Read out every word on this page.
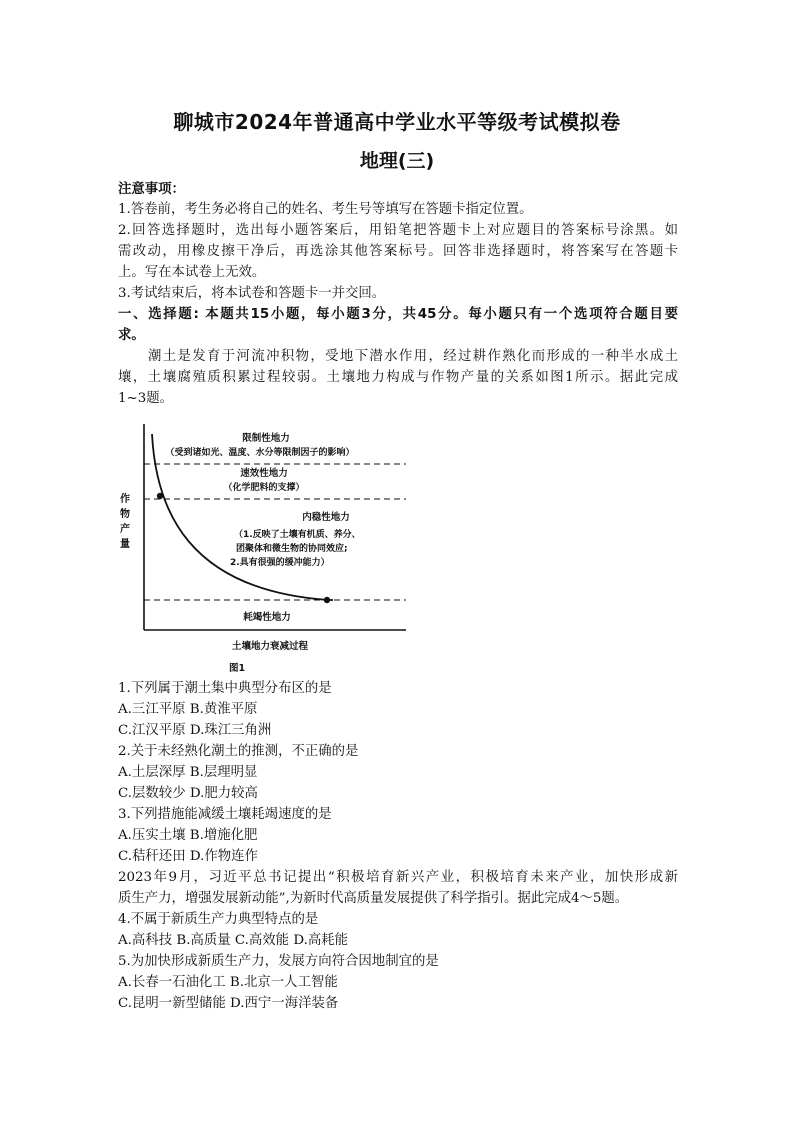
聊城市2024年普通高中学业水平等级考试模拟卷
地理(三)
注意事项：
1.答卷前，考生务必将自己的姓名、考生号等填写在答题卡指定位置。
2.回答选择题时，选出每小题答案后，用铅笔把答题卡上对应题目的答案标号涂黑。如
需改动，用橡皮擦干净后，再选涂其他答案标号。回答非选择题时，将答案写在答题卡
上。写在本试卷上无效。
3.考试结束后，将本试卷和答题卡一并交回。
一、选择题: 本题共15小题，每小题3分，共45分。每小题只有一个选项符合题目要
求。
潮土是发育于河流冲积物，受地下潜水作用，经过耕作熟化而形成的一种半水成土
壤，土壤腐殖质积累过程较弱。土壤地力构成与作物产量的关系如图1所示。据此完成
1~3题。
限制性地力
（受到诸如光、温度、水分等限制因子的影响）
速效性地力
（化学肥料的支撑）
内稳性地力
（1.反映了土壤有机质、养分、
团聚体和微生物的协同效应;
2.具有很强的缓冲能力）
耗竭性地力
土壤地力衰减过程
图1
作
物
产
量
1.下列属于潮土集中典型分布区的是
A.三江平原 B.黄淮平原
C.江汉平原 D.珠江三角洲
2.关于未经熟化潮土的推测，不正确的是
A.土层深厚 B.层理明显
C.层数较少 D.肥力较高
3.下列措施能减缓土壤耗竭速度的是
A.压实土壤 B.增施化肥
C.秸秆还田 D.作物连作
2023年9月，习近平总书记提出“积极培育新兴产业，积极培育未来产业，加快形成新
质生产力，增强发展新动能”,为新时代高质量发展提供了科学指引。据此完成4～5题。
4.不属于新质生产力典型特点的是
A.高科技 B.高质量 C.高效能 D.高耗能
5.为加快形成新质生产力，发展方向符合因地制宜的是
A.长春一石油化工 B.北京一人工智能
C.昆明一新型储能 D.西宁一海洋装备
